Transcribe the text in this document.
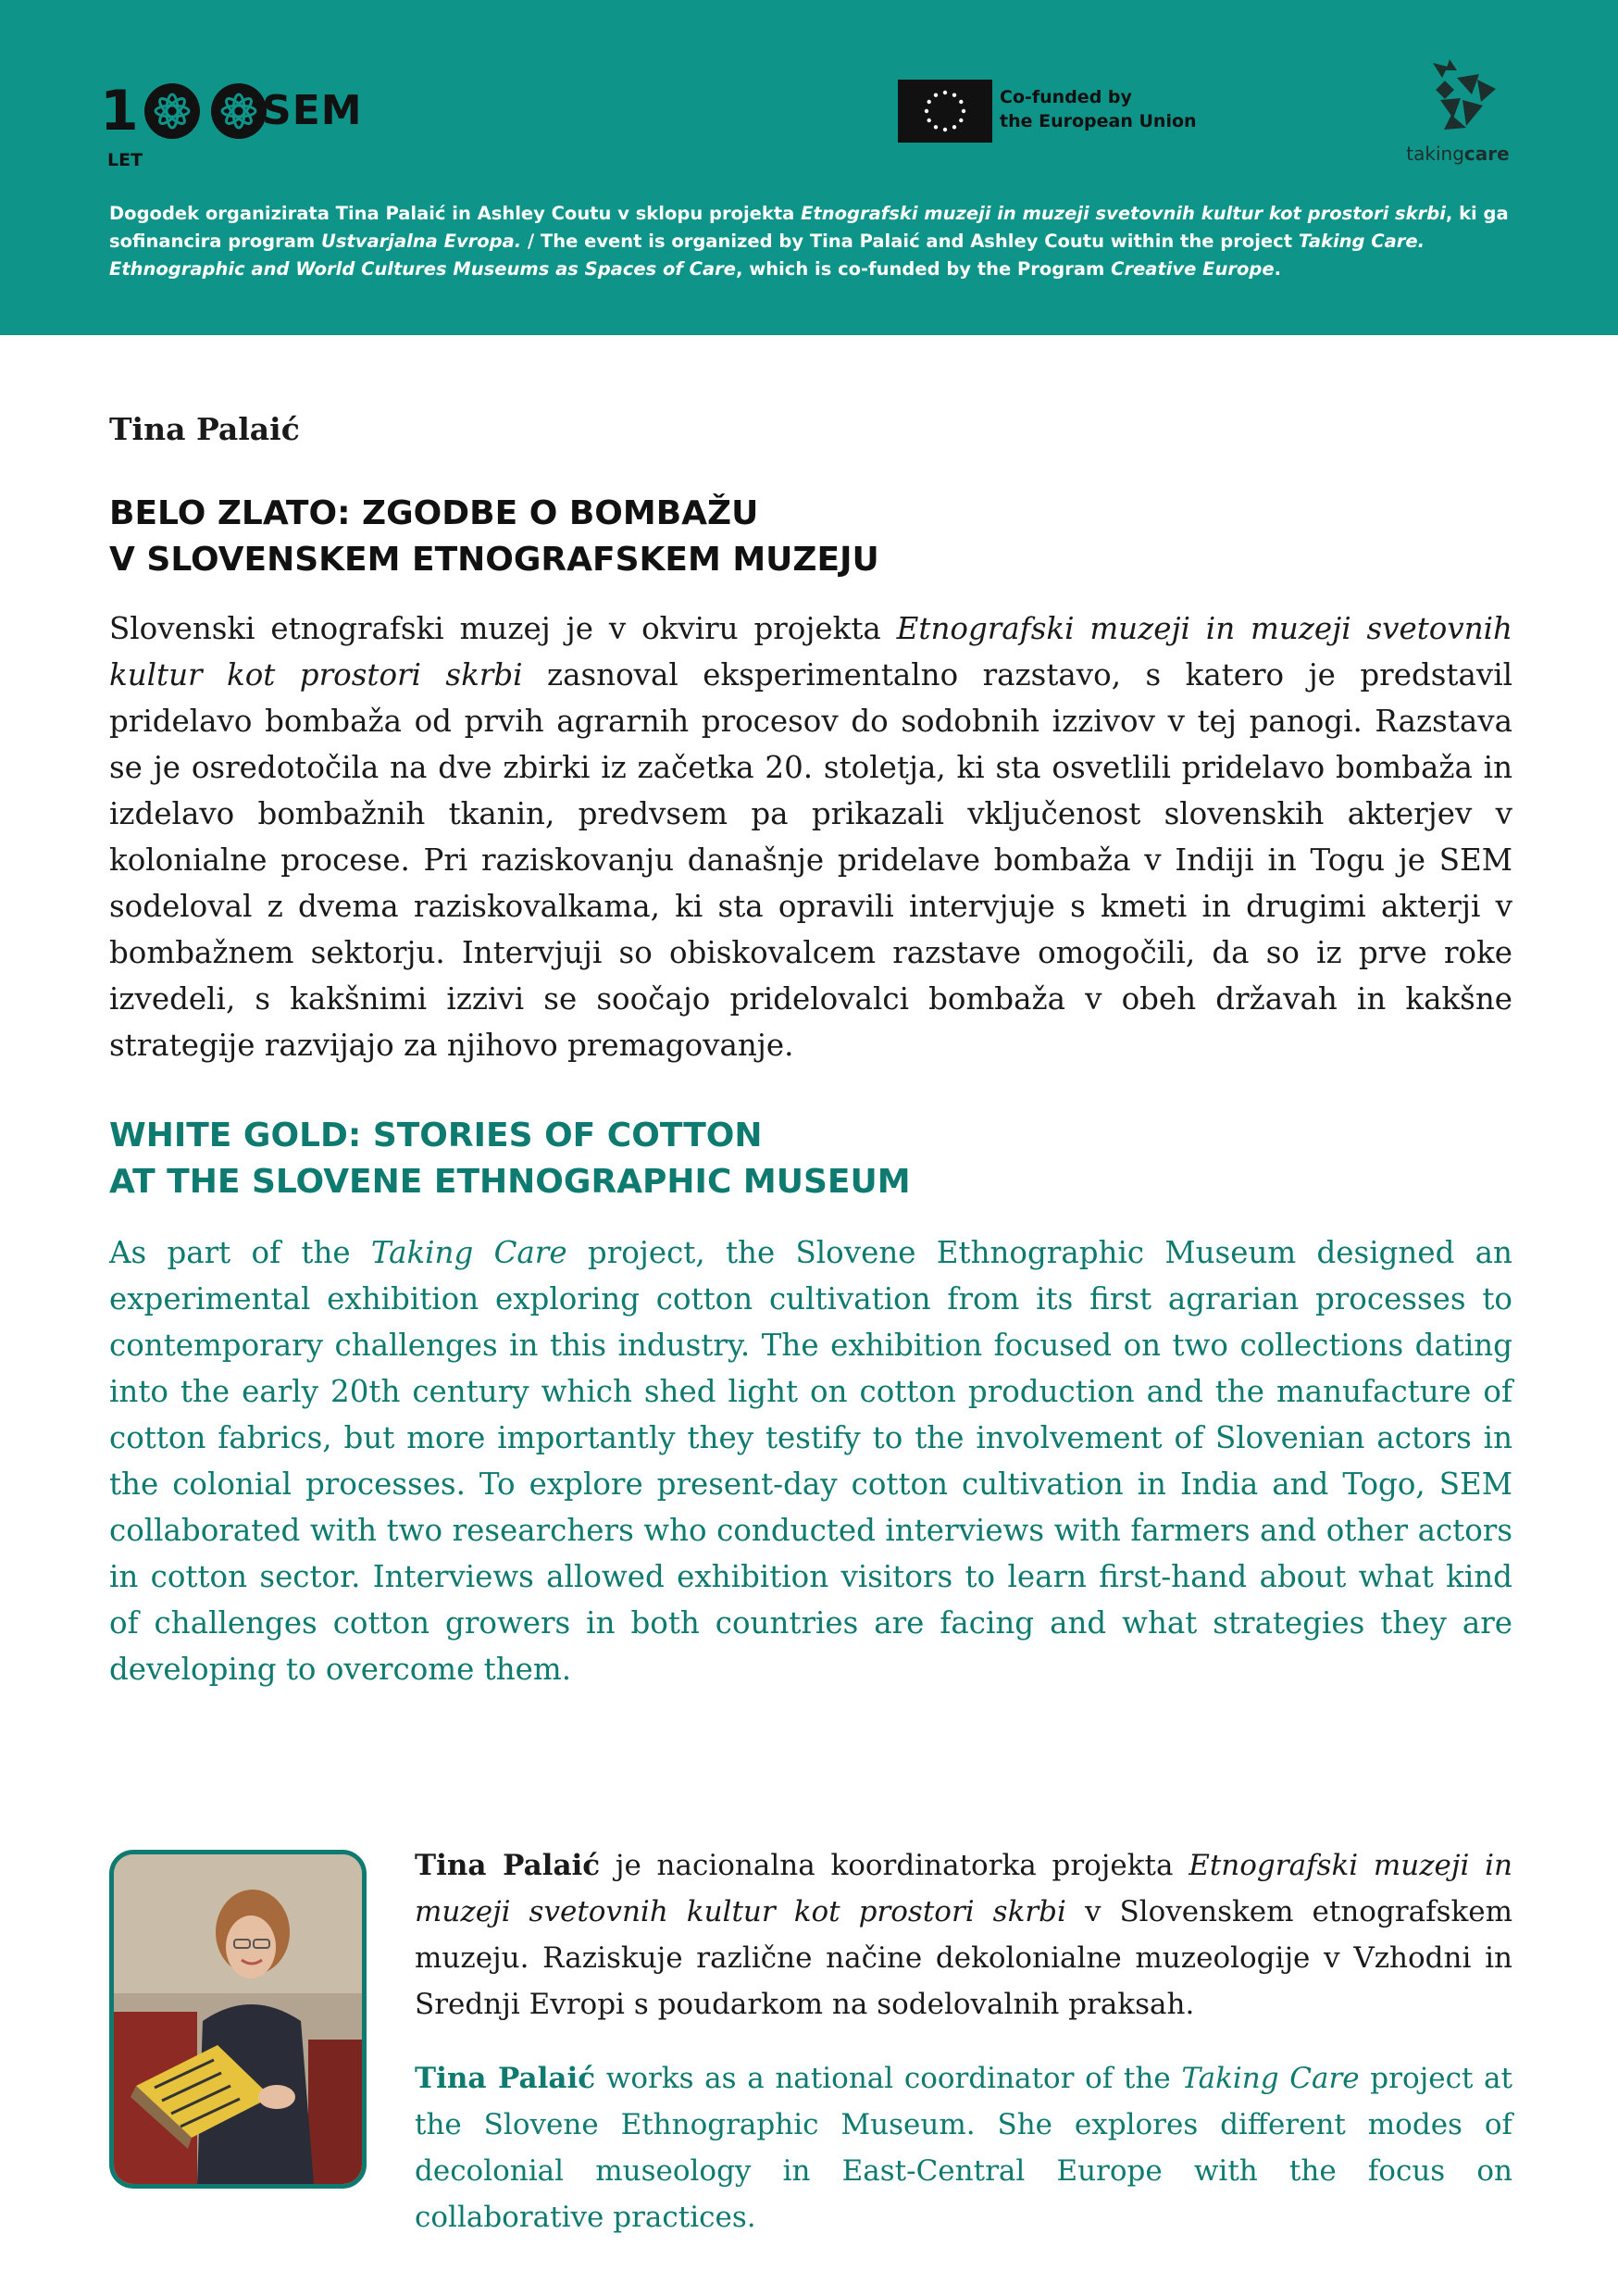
1	SEM
LET
Co-funded by
the European Union
takingcare
Dogodek organizirata Tina Palaić in Ashley Coutu v sklopu projekta Etnografski muzeji in muzeji svetovnih kultur kot prostori skrbi, ki ga sofinancira program Ustvarjalna Evropa. / The event is organized by Tina Palaić and Ashley Coutu within the project Taking Care. Ethnographic and World Cultures Museums as Spaces of Care, which is co-funded by the Program Creative Europe.
Tina Palaić
BELO ZLATO: ZGODBE O BOMBAŽU
V SLOVENSKEM ETNOGRAFSKEM MUZEJU
Slovenski etnografski muzej je v okviru projekta Etnografski muzeji in muzeji svetovnih kultur kot prostori skrbi zasnoval eksperimentalno razstavo, s katero je predstavil pridelavo bombaža od prvih agrarnih procesov do sodobnih izzivov v tej panogi. Razstava se je osredotočila na dve zbirki iz začetka 20. stoletja, ki sta osvetlili pridelavo bombaža in izdelavo bombažnih tkanin, predvsem pa prikazali vključenost slovenskih akterjev v kolonialne procese. Pri raziskovanju današnje pridelave bombaža v Indiji in Togu je SEM sodeloval z dvema raziskovalkama, ki sta opravili intervjuje s kmeti in drugimi akterji v bombažnem sektorju. Intervjuji so obiskovalcem razstave omogočili, da so iz prve roke izvedeli, s kakšnimi izzivi se soočajo pridelovalci bombaža v obeh državah in kakšne strategije razvijajo za njihovo premagovanje.
WHITE GOLD: STORIES OF COTTON
AT THE SLOVENE ETHNOGRAPHIC MUSEUM
As part of the Taking Care project, the Slovene Ethnographic Museum designed an experimental exhibition exploring cotton cultivation from its first agrarian processes to contemporary challenges in this industry. The exhibition focused on two collections dating into the early 20th century which shed light on cotton production and the manufacture of cotton fabrics, but more importantly they testify to the involvement of Slovenian actors in the colonial processes. To explore present-day cotton cultivation in India and Togo, SEM collaborated with two researchers who conducted interviews with farmers and other actors in cotton sector. Interviews allowed exhibition visitors to learn first-hand about what kind of challenges cotton growers in both countries are facing and what strategies they are developing to overcome them.
Tina Palaić je nacionalna koordinatorka projekta Etnografski muzeji in muzeji svetovnih kultur kot prostori skrbi v Slovenskem etnografskem muzeju. Raziskuje različne načine dekolonialne muzeologije v Vzhodni in Srednji Evropi s poudarkom na sodelovalnih praksah.
Tina Palaić works as a national coordinator of the Taking Care project at the Slovene Ethnographic Museum. She explores different modes of decolonial museology in East-Central Europe with the focus on collaborative practices.
